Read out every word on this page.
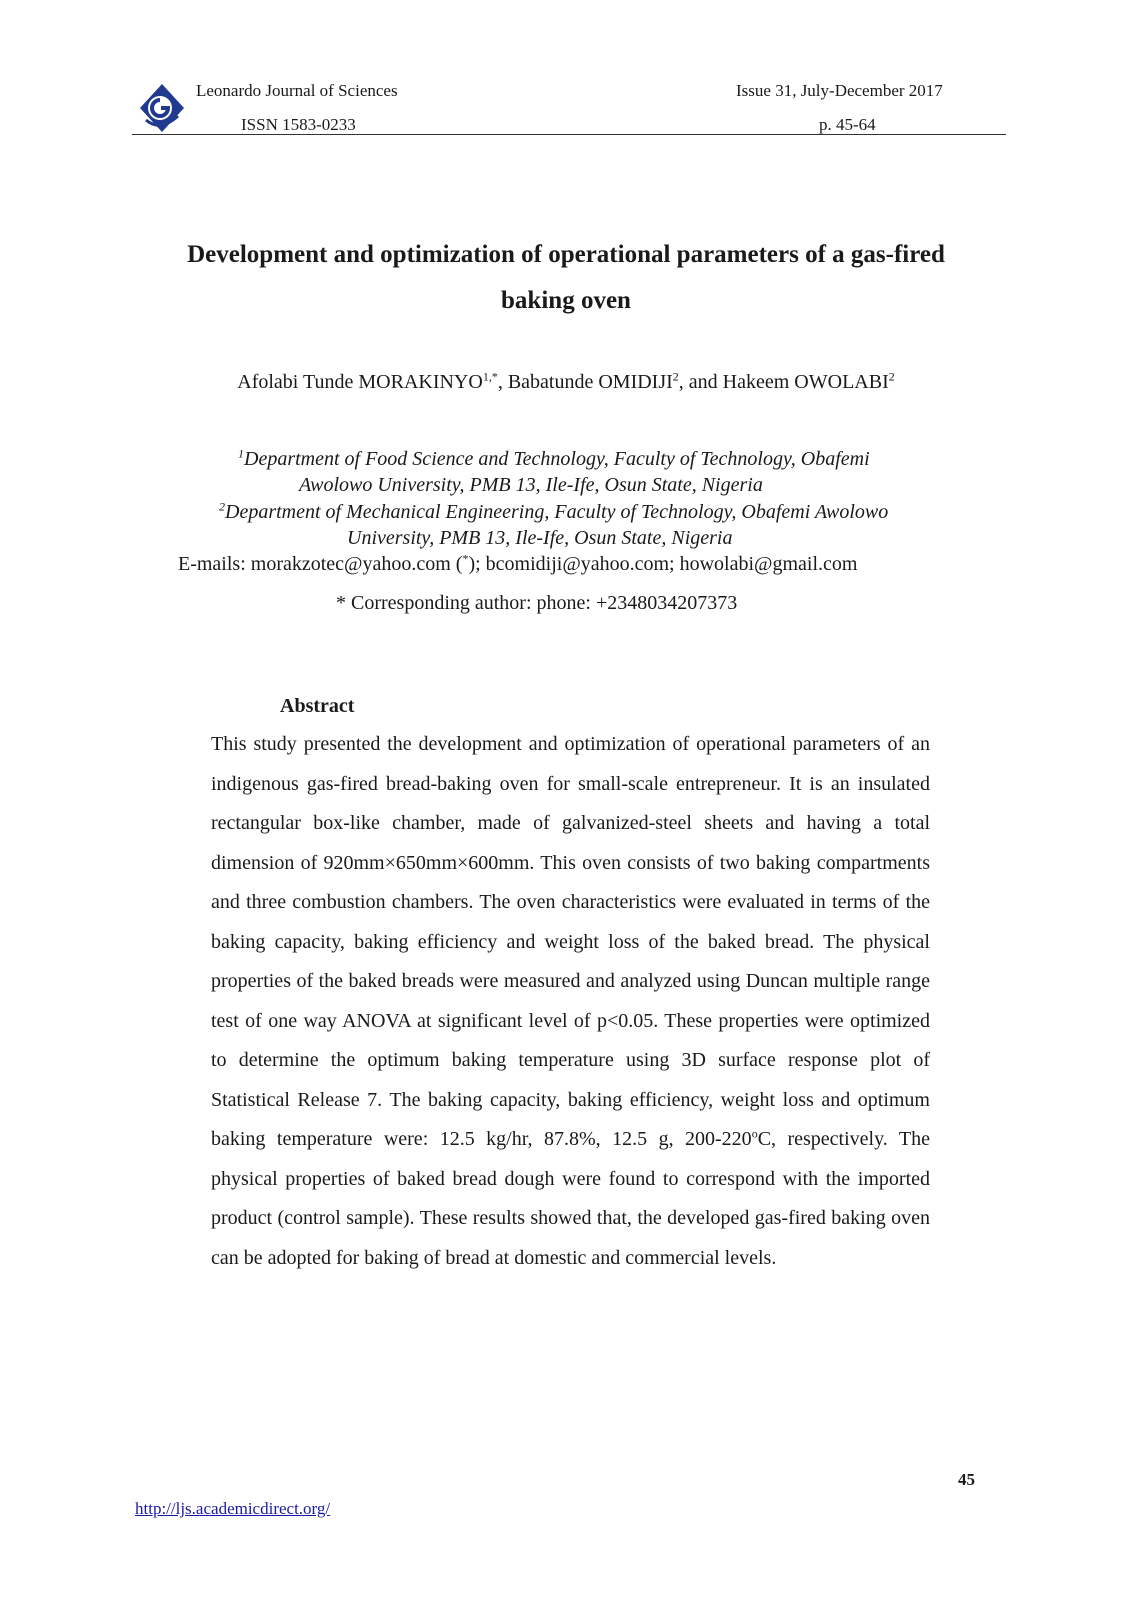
Leonardo Journal of Sciences	Issue 31, July-December 2017
ISSN 1583-0233	p. 45-64
Development and optimization of operational parameters of a gas-fired
baking oven
Afolabi Tunde $MORAKINYO^{1,*}$, Babatunde OMIDIJI$^2$, and Hakeem OWOLABI$^2$
$^1$Department of Food Science and Technology, Faculty of Technology, Obafemi
Awolowo University, PMB 13, Ile-Ife, Osun State, Nigeria
$^2$Department of Mechanical Engineering, Faculty of Technology, Obafemi Awolowo
University, PMB 13, Ile-Ife, Osun State, Nigeria
E-mails: morakzotec@yahoo.com (*); bcomidiji@yahoo.com; howolabi@gmail.com
* Corresponding author: phone: +2348034207373
Abstract

This study presented the development and optimization of operational parameters of an indigenous gas-fired bread-baking oven for small-scale entrepreneur. It is an insulated rectangular box-like chamber, made of galvanized-steel sheets and having a total dimension of 920mm×650mm×600mm. This oven consists of two baking compartments and three combustion chambers. The oven characteristics were evaluated in terms of the baking capacity, baking efficiency and weight loss of the baked bread. The physical properties of the baked breads were measured and analyzed using Duncan multiple range test of one way ANOVA at significant level of p<0.05. These properties were optimized to determine the optimum baking temperature using 3D surface response plot of Statistical Release 7. The baking capacity, baking efficiency, weight loss and optimum baking temperature were: 12.5 kg/hr, 87.8%, 12.5 g, 200-220$^o$C, respectively. The physical properties of baked bread dough were found to correspond with the imported product (control sample). These results showed that, the developed gas-fired baking oven can be adopted for baking of bread at domestic and commercial levels.

45
http://ljs.academicdirect.org/
